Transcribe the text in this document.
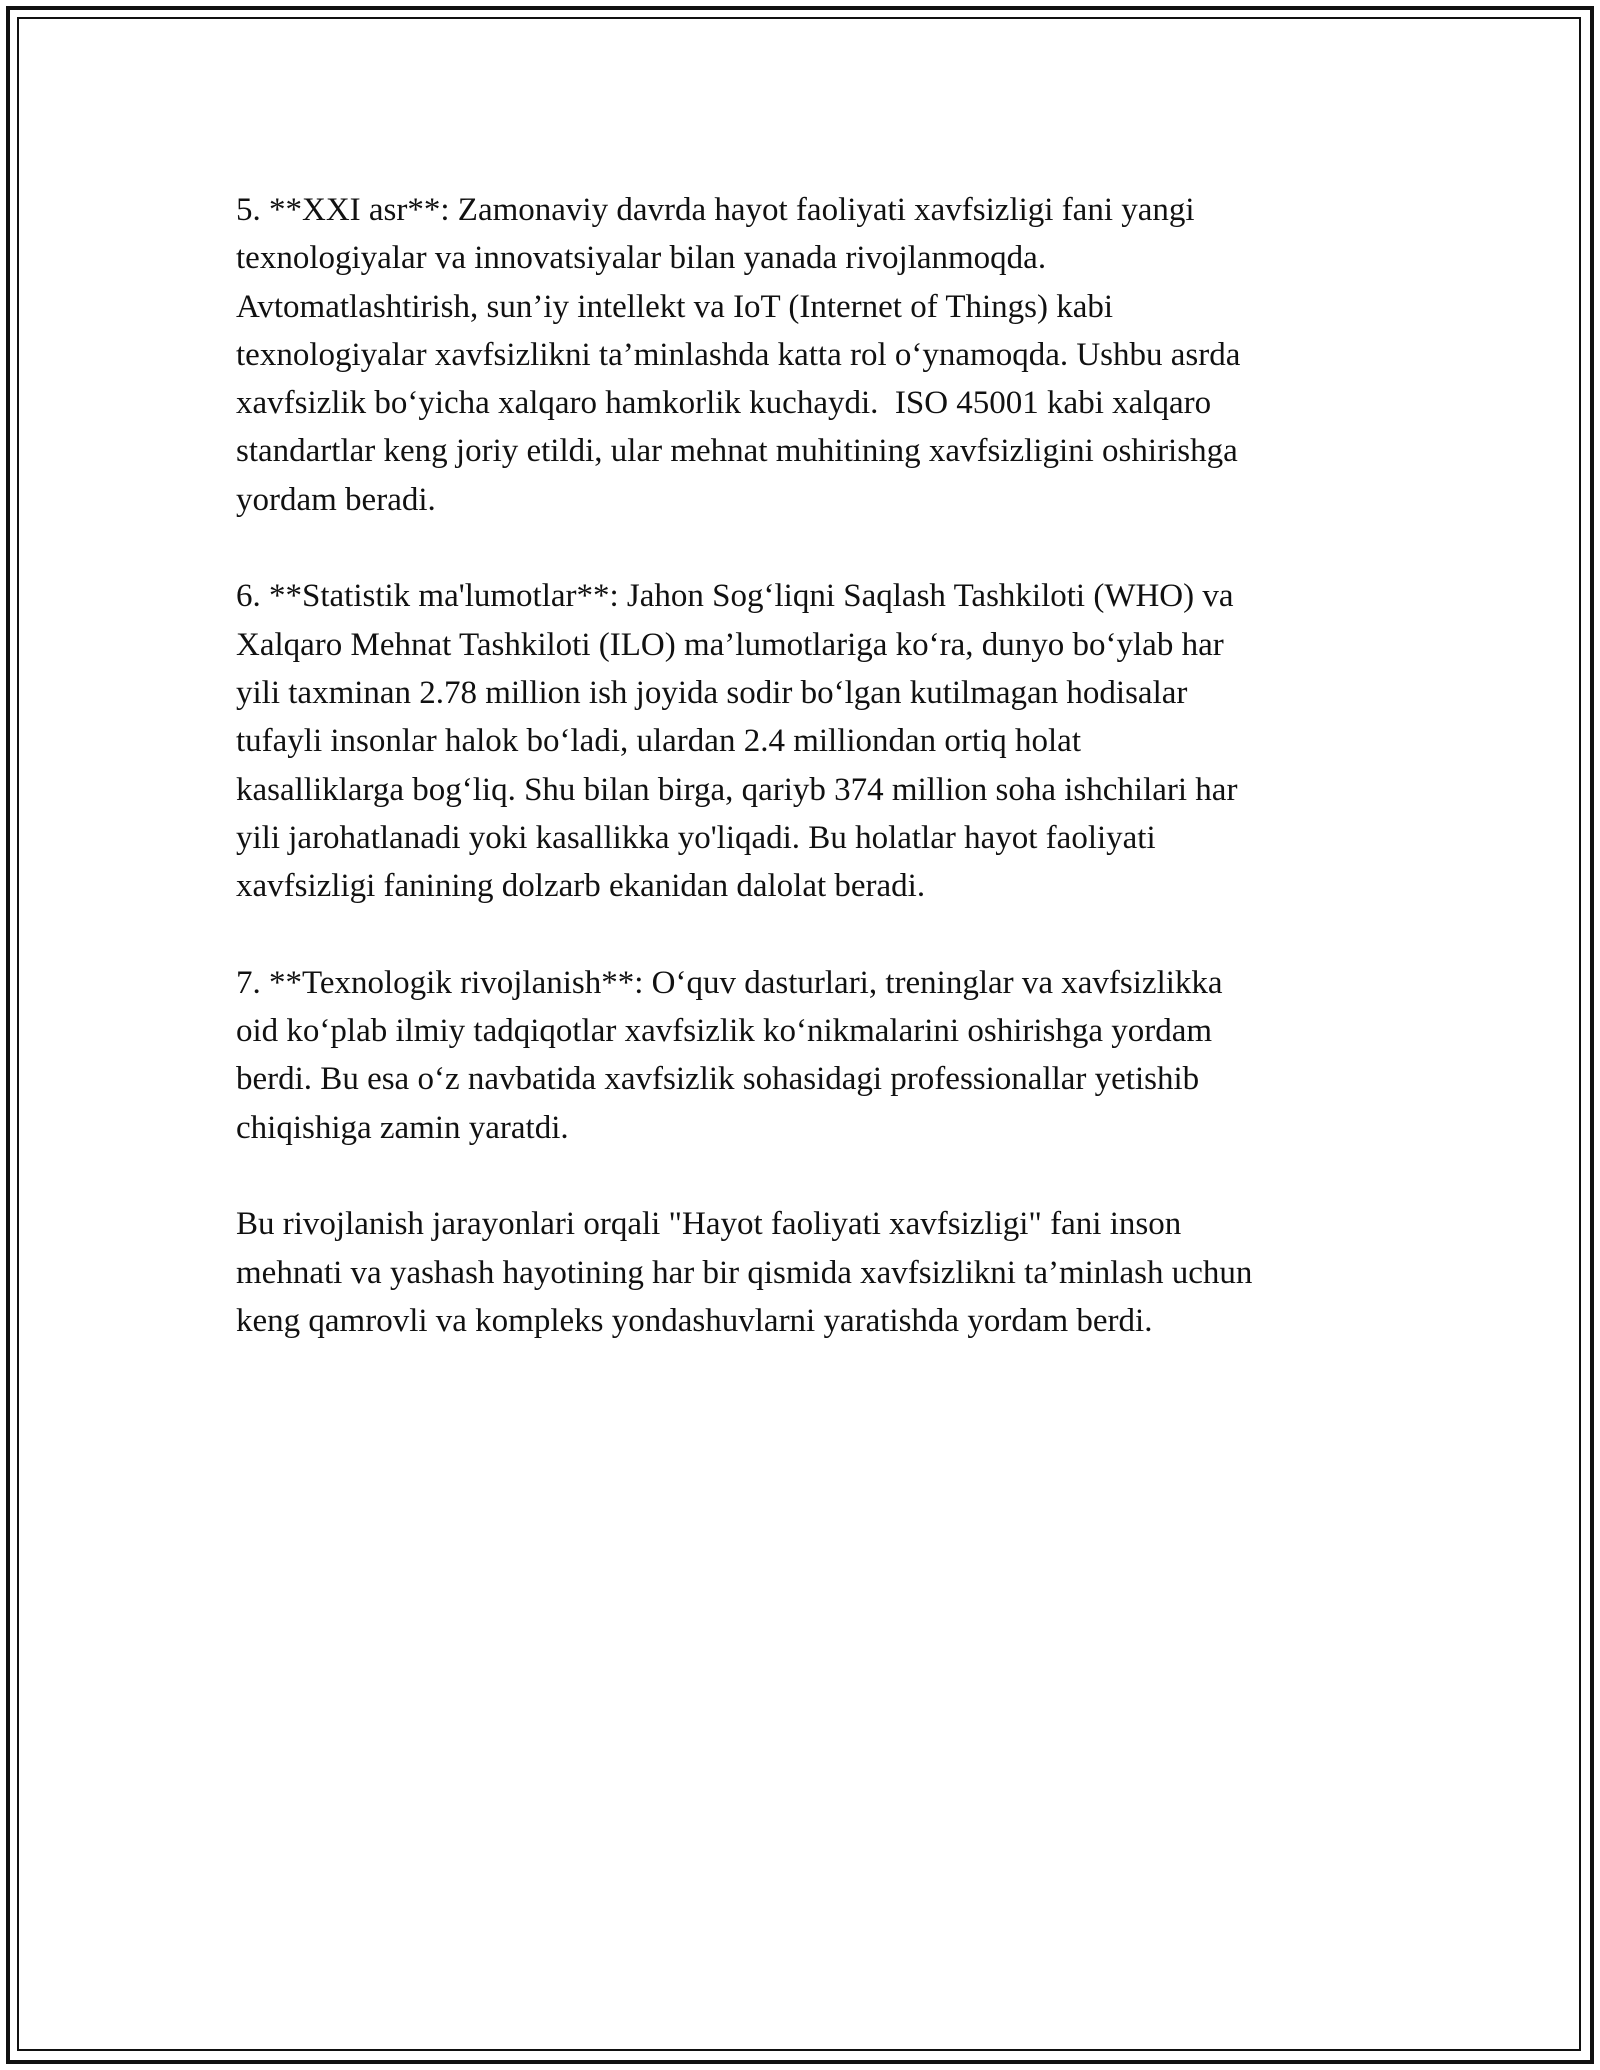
5. **XXI asr**: Zamonaviy davrda hayot faoliyati xavfsizligi fani yangi
texnologiyalar va innovatsiyalar bilan yanada rivojlanmoqda.
Avtomatlashtirish, sun’iy intellekt va IoT (Internet of Things) kabi
texnologiyalar xavfsizlikni ta’minlashda katta rol o‘ynamoqda. Ushbu asrda
xavfsizlik bo‘yicha xalqaro hamkorlik kuchaydi.  ISO 45001 kabi xalqaro
standartlar keng joriy etildi, ular mehnat muhitining xavfsizligini oshirishga
yordam beradi.

6. **Statistik ma'lumotlar**: Jahon Sog‘liqni Saqlash Tashkiloti (WHO) va
Xalqaro Mehnat Tashkiloti (ILO) ma’lumotlariga ko‘ra, dunyo bo‘ylab har
yili taxminan 2.78 million ish joyida sodir bo‘lgan kutilmagan hodisalar
tufayli insonlar halok bo‘ladi, ulardan 2.4 milliondan ortiq holat
kasalliklarga bog‘liq. Shu bilan birga, qariyb 374 million soha ishchilari har
yili jarohatlanadi yoki kasallikka yo'liqadi. Bu holatlar hayot faoliyati
xavfsizligi fanining dolzarb ekanidan dalolat beradi.

7. **Texnologik rivojlanish**: O‘quv dasturlari, treninglar va xavfsizlikka
oid ko‘plab ilmiy tadqiqotlar xavfsizlik ko‘nikmalarini oshirishga yordam
berdi. Bu esa o‘z navbatida xavfsizlik sohasidagi professionallar yetishib
chiqishiga zamin yaratdi.

Bu rivojlanish jarayonlari orqali "Hayot faoliyati xavfsizligi" fani inson
mehnati va yashash hayotining har bir qismida xavfsizlikni ta’minlash uchun
keng qamrovli va kompleks yondashuvlarni yaratishda yordam berdi.
